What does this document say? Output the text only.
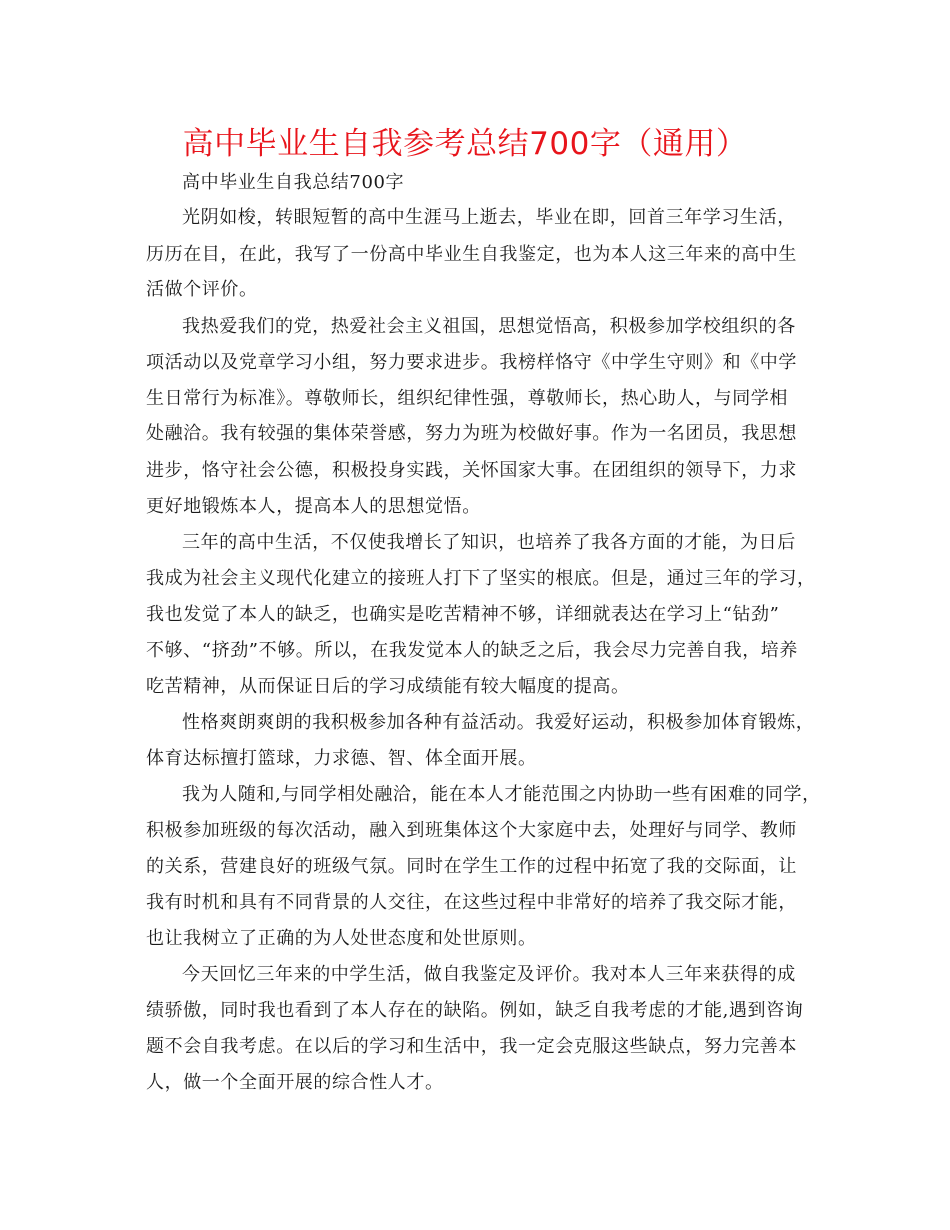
高中毕业生自我参考总结700字（通用）
高中毕业生自我总结700字
光阴如梭，转眼短暂的高中生涯马上逝去，毕业在即，回首三年学习生活，
历历在目，在此，我写了一份高中毕业生自我鉴定，也为本人这三年来的高中生
活做个评价。
我热爱我们的党，热爱社会主义祖国，思想觉悟高，积极参加学校组织的各
项活动以及党章学习小组，努力要求进步。我榜样恪守《中学生守则》和《中学
生日常行为标准》。尊敬师长，组织纪律性强，尊敬师长，热心助人，与同学相
处融洽。我有较强的集体荣誉感，努力为班为校做好事。作为一名团员，我思想
进步，恪守社会公德，积极投身实践，关怀国家大事。在团组织的领导下，力求
更好地锻炼本人，提高本人的思想觉悟。
三年的高中生活，不仅使我增长了知识，也培养了我各方面的才能，为日后
我成为社会主义现代化建立的接班人打下了坚实的根底。但是，通过三年的学习，
我也发觉了本人的缺乏，也确实是吃苦精神不够，详细就表达在学习上“钻劲”
不够、“挤劲”不够。所以，在我发觉本人的缺乏之后，我会尽力完善自我，培养
吃苦精神，从而保证日后的学习成绩能有较大幅度的提高。
性格爽朗爽朗的我积极参加各种有益活动。我爱好运动，积极参加体育锻炼，
体育达标擅打篮球，力求德、智、体全面开展。
我为人随和,与同学相处融洽，能在本人才能范围之内协助一些有困难的同学，
积极参加班级的每次活动，融入到班集体这个大家庭中去，处理好与同学、教师
的关系，营建良好的班级气氛。同时在学生工作的过程中拓宽了我的交际面，让
我有时机和具有不同背景的人交往，在这些过程中非常好的培养了我交际才能，
也让我树立了正确的为人处世态度和处世原则。
今天回忆三年来的中学生活，做自我鉴定及评价。我对本人三年来获得的成
绩骄傲，同时我也看到了本人存在的缺陷。例如，缺乏自我考虑的才能,遇到咨询
题不会自我考虑。在以后的学习和生活中，我一定会克服这些缺点，努力完善本
人，做一个全面开展的综合性人才。
